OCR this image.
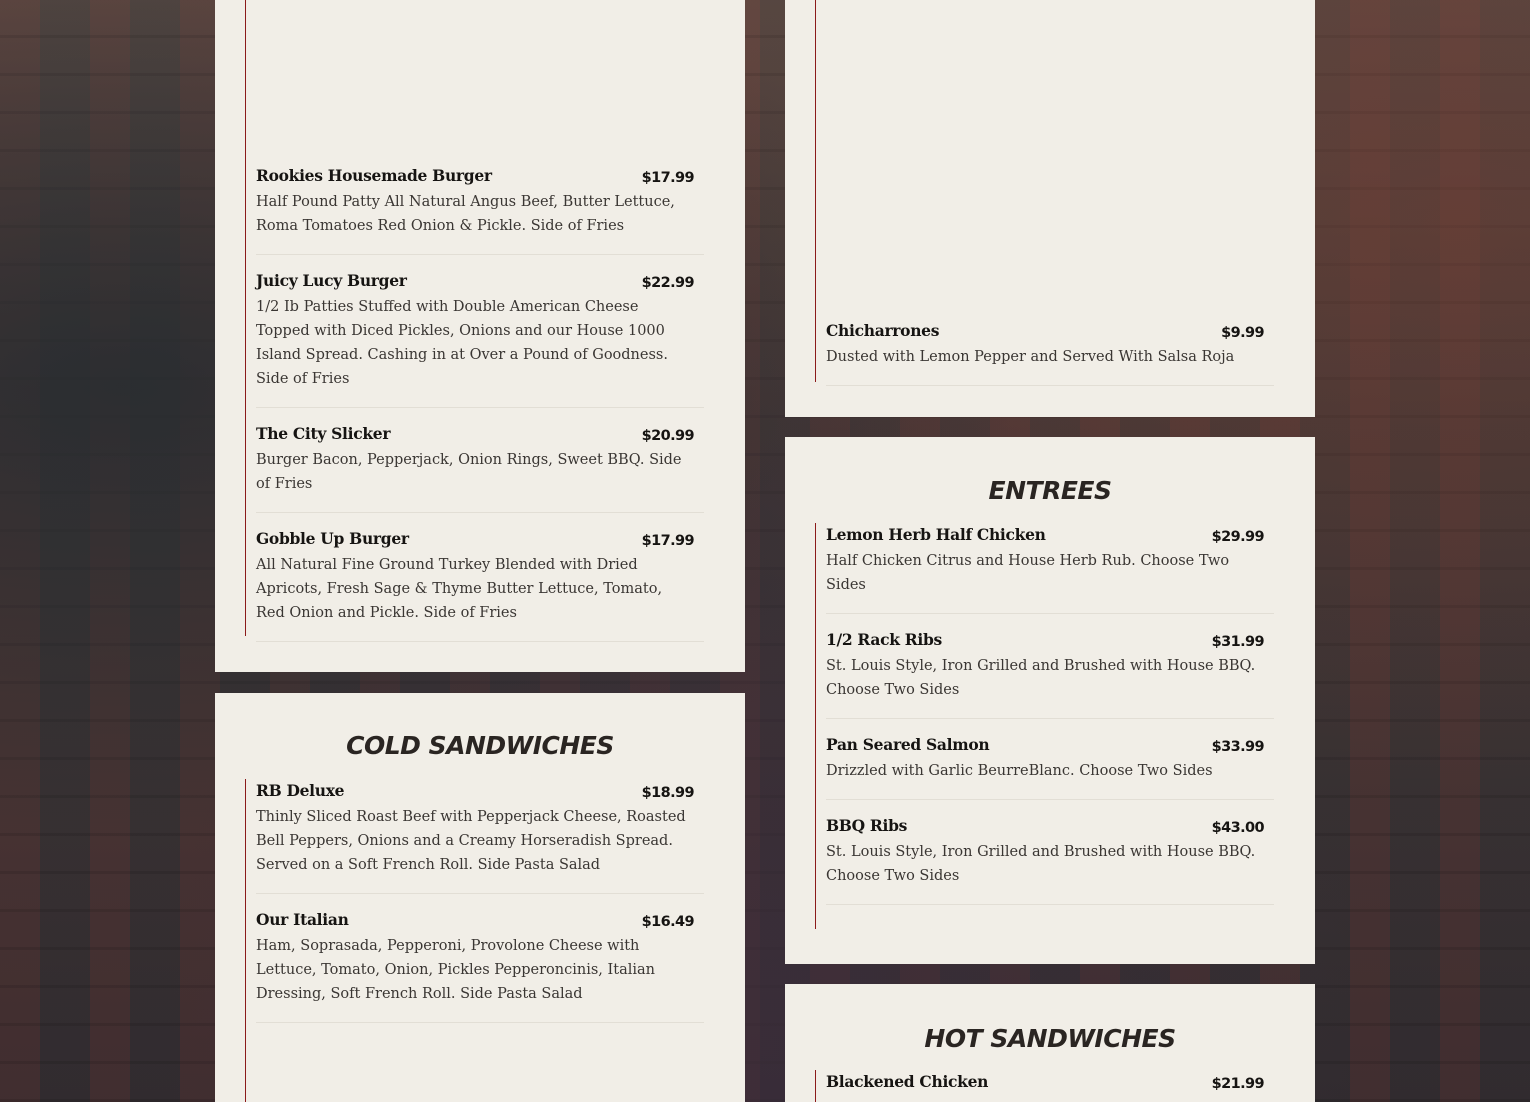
Rookies Housemade Burger	$17.99

Half Pound Patty All Natural Angus Beef, Butter Lettuce, Roma Tomatoes Red Onion & Pickle. Side of Fries

Juicy Lucy Burger	$22.99

1/2 Ib Patties Stuffed with Double American Cheese Topped with Diced Pickles, Onions and our House 1000 Island Spread. Cashing in at Over a Pound of Goodness. Side of Fries

The City Slicker	$20.99

Burger Bacon, Pepperjack, Onion Rings, Sweet BBQ. Side of Fries

Gobble Up Burger	$17.99

All Natural Fine Ground Turkey Blended with Dried Apricots, Fresh Sage & Thyme Butter Lettuce, Tomato, Red Onion and Pickle. Side of Fries

COLD SANDWICHES
RB Deluxe	$18.99

Thinly Sliced Roast Beef with Pepperjack Cheese, Roasted Bell Peppers, Onions and a Creamy Horseradish Spread. Served on a Soft French Roll. Side Pasta Salad

Our Italian	$16.49

Ham, Soprasada, Pepperoni, Provolone Cheese with Lettuce, Tomato, Onion, Pickles Pepperoncinis, Italian Dressing, Soft French Roll. Side Pasta Salad

Chicharrones	$9.99

Dusted with Lemon Pepper and Served With Salsa Roja

ENTREES
Lemon Herb Half Chicken	$29.99

Half Chicken Citrus and House Herb Rub. Choose Two Sides

1/2 Rack Ribs	$31.99

St. Louis Style, Iron Grilled and Brushed with House BBQ. Choose Two Sides

Pan Seared Salmon	$33.99

Drizzled with Garlic BeurreBlanc. Choose Two Sides

BBQ Ribs	$43.00

St. Louis Style, Iron Grilled and Brushed with House BBQ. Choose Two Sides

HOT SANDWICHES
Blackened Chicken	$21.99
